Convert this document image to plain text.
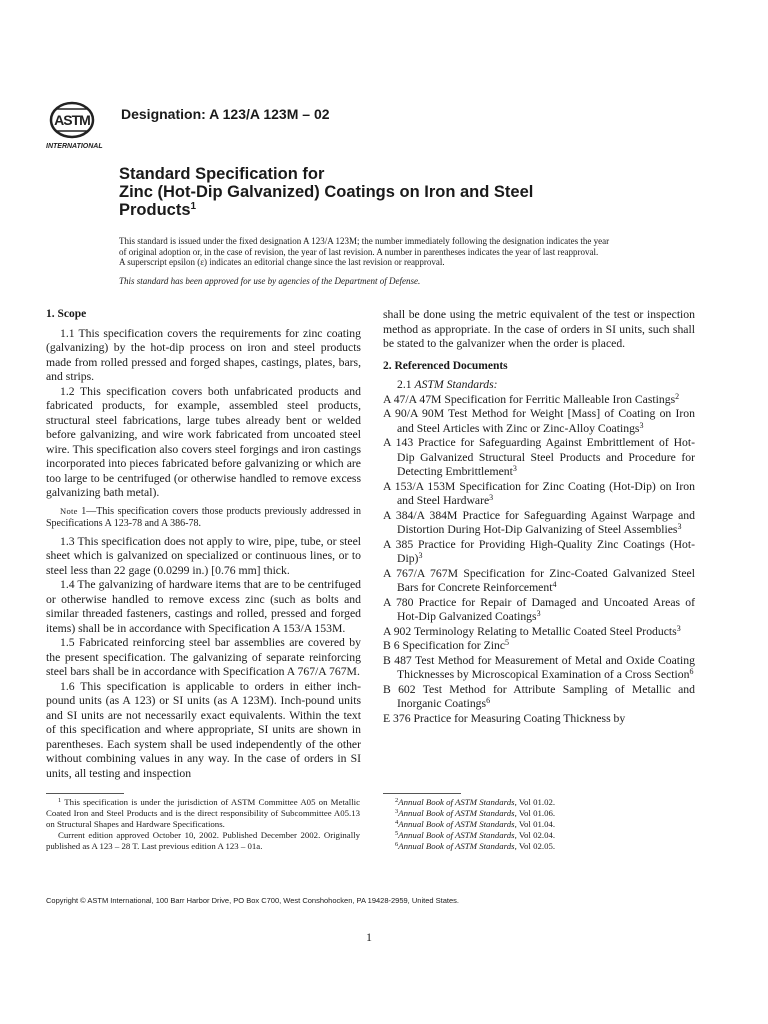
ASTM
INTERNATIONAL
Designation: A 123/A 123M – 02
Standard Specification for
Zinc (Hot-Dip Galvanized) Coatings on Iron and Steel
Products$^1$
This standard is issued under the fixed designation A 123/A 123M; the number immediately following the designation indicates the year
of original adoption or, in the case of revision, the year of last revision. A number in parentheses indicates the year of last reapproval.
A superscript epsilon (ε) indicates an editorial change since the last revision or reapproval.
This standard has been approved for use by agencies of the Department of Defense.
1. Scope

1.1 This specification covers the requirements for zinc coating (galvanizing) by the hot-dip process on iron and steel products made from rolled pressed and forged shapes, castings, plates, bars, and strips.

1.2 This specification covers both unfabricated products and fabricated products, for example, assembled steel products, structural steel fabrications, large tubes already bent or welded before galvanizing, and wire work fabricated from uncoated steel wire. This specification also covers steel forgings and iron castings incorporated into pieces fabricated before galvanizing or which are too large to be centrifuged (or otherwise handled to remove excess galvanizing bath metal).

Note 1—This specification covers those products previously addressed in Specifications A 123-78 and A 386-78.

1.3 This specification does not apply to wire, pipe, tube, or steel sheet which is galvanized on specialized or continuous lines, or to steel less than 22 gage (0.0299 in.) [0.76 mm] thick.

1.4 The galvanizing of hardware items that are to be centrifuged or otherwise handled to remove excess zinc (such as bolts and similar threaded fasteners, castings and rolled, pressed and forged items) shall be in accordance with Specification A 153/A 153M.

1.5 Fabricated reinforcing steel bar assemblies are covered by the present specification. The galvanizing of separate reinforcing steel bars shall be in accordance with Specification A 767/A 767M.

1.6 This specification is applicable to orders in either inch-pound units (as A 123) or SI units (as A 123M). Inch-pound units and SI units are not necessarily exact equivalents. Within the text of this specification and where appropriate, SI units are shown in parentheses. Each system shall be used independently of the other without combining values in any way. In the case of orders in SI units, all testing and inspection

shall be done using the metric equivalent of the test or inspection method as appropriate. In the case of orders in SI units, such shall be stated to the galvanizer when the order is placed.

2. Referenced Documents

2.1 ASTM Standards:

A 47/A 47M Specification for Ferritic Malleable Iron Castings$^2$

A 90/A 90M Test Method for Weight [Mass] of Coating on Iron and Steel Articles with Zinc or Zinc-Alloy Coatings$^3$

A 143 Practice for Safeguarding Against Embrittlement of Hot-Dip Galvanized Structural Steel Products and Procedure for Detecting Embrittlement$^3$

A 153/A 153M Specification for Zinc Coating (Hot-Dip) on Iron and Steel Hardware$^3$

A 384/A 384M Practice for Safeguarding Against Warpage and Distortion During Hot-Dip Galvanizing of Steel Assemblies$^3$

A 385 Practice for Providing High-Quality Zinc Coatings $(Hot-Dip)^3$

A 767/A 767M Specification for Zinc-Coated Galvanized Steel Bars for Concrete Reinforcement$^4$

A 780 Practice for Repair of Damaged and Uncoated Areas of Hot-Dip Galvanized Coatings$^3$

A 902 Terminology Relating to Metallic Coated Steel Products$^3$

B 6 Specification for Zinc$^5$

B 487 Test Method for Measurement of Metal and Oxide Coating Thicknesses by Microscopical Examination of a Cross Section$^6$

B 602 Test Method for Attribute Sampling of Metallic and Inorganic Coatings$^6$

E 376 Practice for Measuring Coating Thickness by

$^1$ This specification is under the jurisdiction of ASTM Committee A05 on Metallic Coated Iron and Steel Products and is the direct responsibility of Subcommittee A05.13 on Structural Shapes and Hardware Specifications.

Current edition approved October 10, 2002. Published December 2002. Originally published as A 123 – 28 T. Last previous edition A 123 – 01a.

$^2$Annual Book of ASTM Standards, Vol 01.02.

$^3$Annual Book of ASTM Standards, Vol 01.06.

$^4$Annual Book of ASTM Standards, Vol 01.04.

$^5$Annual Book of ASTM Standards, Vol 02.04.

$^6$Annual Book of ASTM Standards, Vol 02.05.

Copyright © ASTM International, 100 Barr Harbor Drive, PO Box C700, West Conshohocken, PA 19428-2959, United States.
1
